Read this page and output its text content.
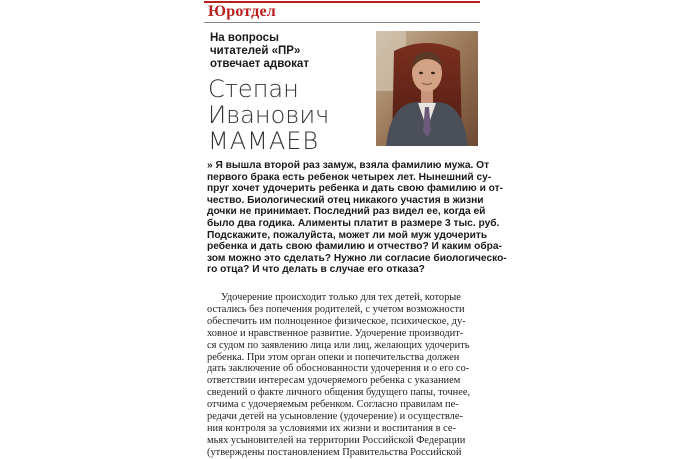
Юротдел
На вопросы
читателей «ПР»
отвечает адвокат
Степан
Иванович
МАМАЕВ
» Я вышла второй раз замуж, взяла фамилию мужа. От
первого брака есть ребенок четырех лет. Нынешний су-
пруг хочет удочерить ребенка и дать свою фамилию и от-
чество. Биологический отец никакого участия в жизни
дочки не принимает. Последний раз видел ее, когда ей
было два годика. Алименты платит в размере 3 тыс. руб.
Подскажите, пожалуйста, может ли мой муж удочерить
ребенка и дать свою фамилию и отчество? И каким обра-
зом можно это сделать? Нужно ли согласие биологическо-
го отца? И что делать в случае его отказа?
Удочерение происходит только для тех детей, которые
остались без попечения родителей, с учетом возможности
обеспечить им полноценное физическое, психическое, ду-
ховное и нравственное развитие. Удочерение производит-
ся судом по заявлению лица или лиц, желающих удочерить
ребенка. При этом орган опеки и попечительства должен
дать заключение об обоснованности удочерения и о его со-
ответствии интересам удочеряемого ребенка с указанием
сведений о факте личного общения будущего папы, точнее,
отчима с удочеряемым ребенком. Согласно правилам пе-
редачи детей на усыновление (удочерение) и осуществле-
ния контроля за условиями их жизни и воспитания в се-
мьях усыновителей на территории Российской Федерации
(утверждены постановлением Правительства Российской
